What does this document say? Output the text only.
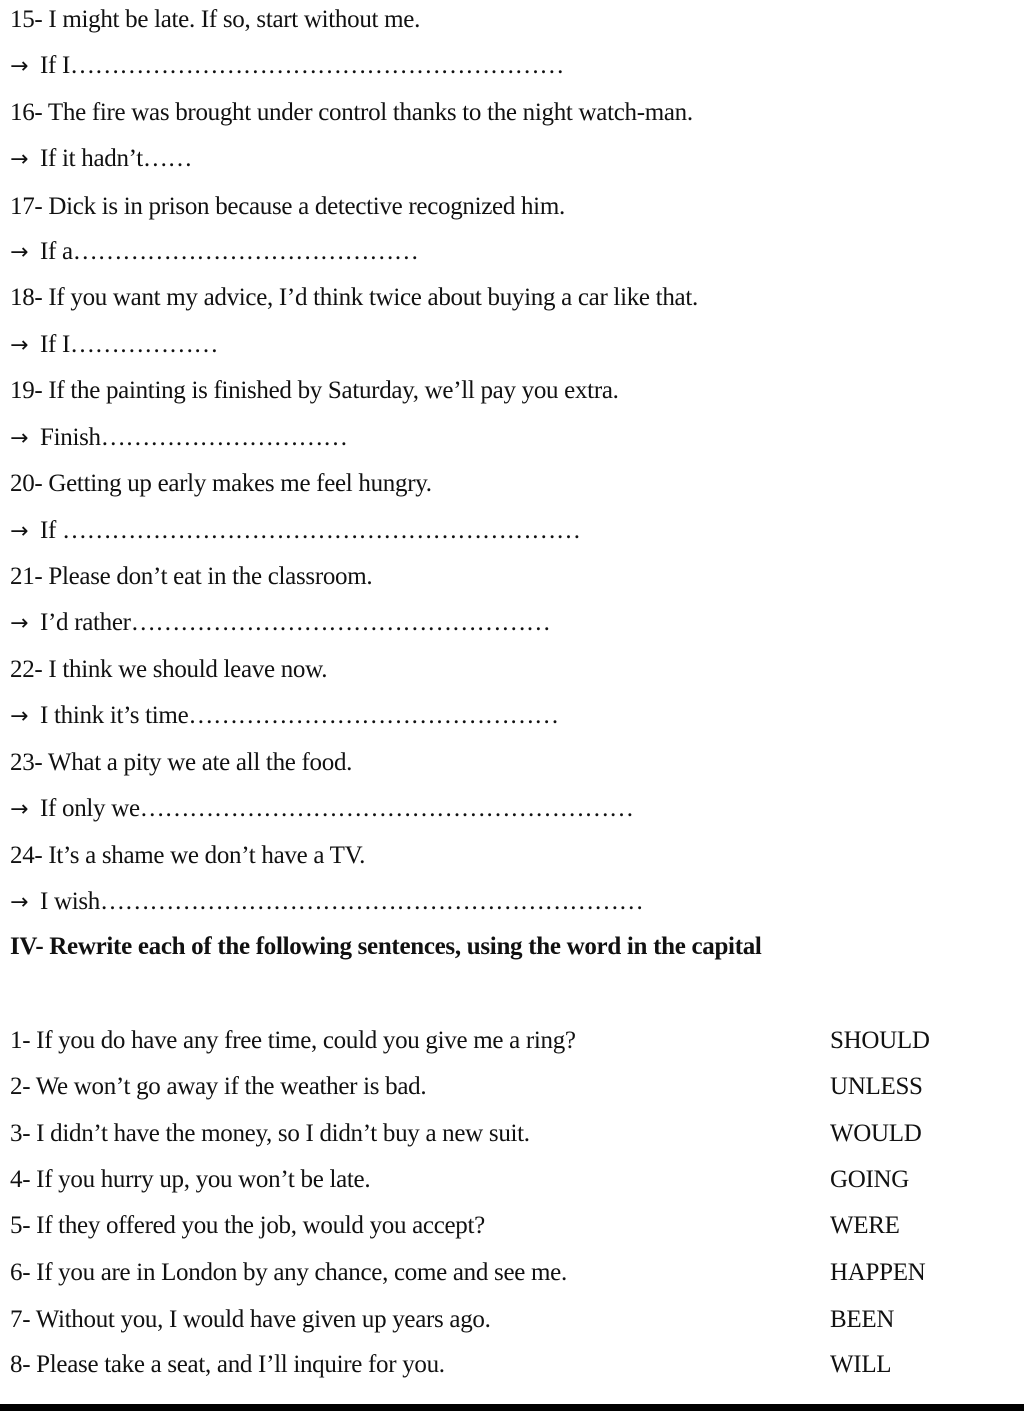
15- I might be late. If so, start without me.
→ If I……………………………………………………
16- The fire was brought under control thanks to the night watch-man.
→ If it hadn’t……
17- Dick is in prison because a detective recognized him.
→ If a……………………………………
18- If you want my advice, I’d think twice about buying a car like that.
→ If I………………
19- If the painting is finished by Saturday, we’ll pay you extra.
→ Finish…………………………
20- Getting up early makes me feel hungry.
→ If ………………………………………………………
21- Please don’t eat in the classroom.
→ I’d rather……………………………………………
22- I think we should leave now.
→ I think it’s time………………………………………
23- What a pity we ate all the food.
→ If only we……………………………………………………
24- It’s a shame we don’t have a TV.
→ I wish…………………………………………………………
IV- Rewrite each of the following sentences, using the word in the capital
1- If you do have any free time, could you give me a ring?	SHOULD
2- We won’t go away if the weather is bad.	UNLESS
3- I didn’t have the money, so I didn’t buy a new suit.	WOULD
4- If you hurry up, you won’t be late.	GOING
5- If they offered you the job, would you accept?	WERE
6- If you are in London by any chance, come and see me.	HAPPEN
7- Without you, I would have given up years ago.	BEEN
8- Please take a seat, and I’ll inquire for you.	WILL
